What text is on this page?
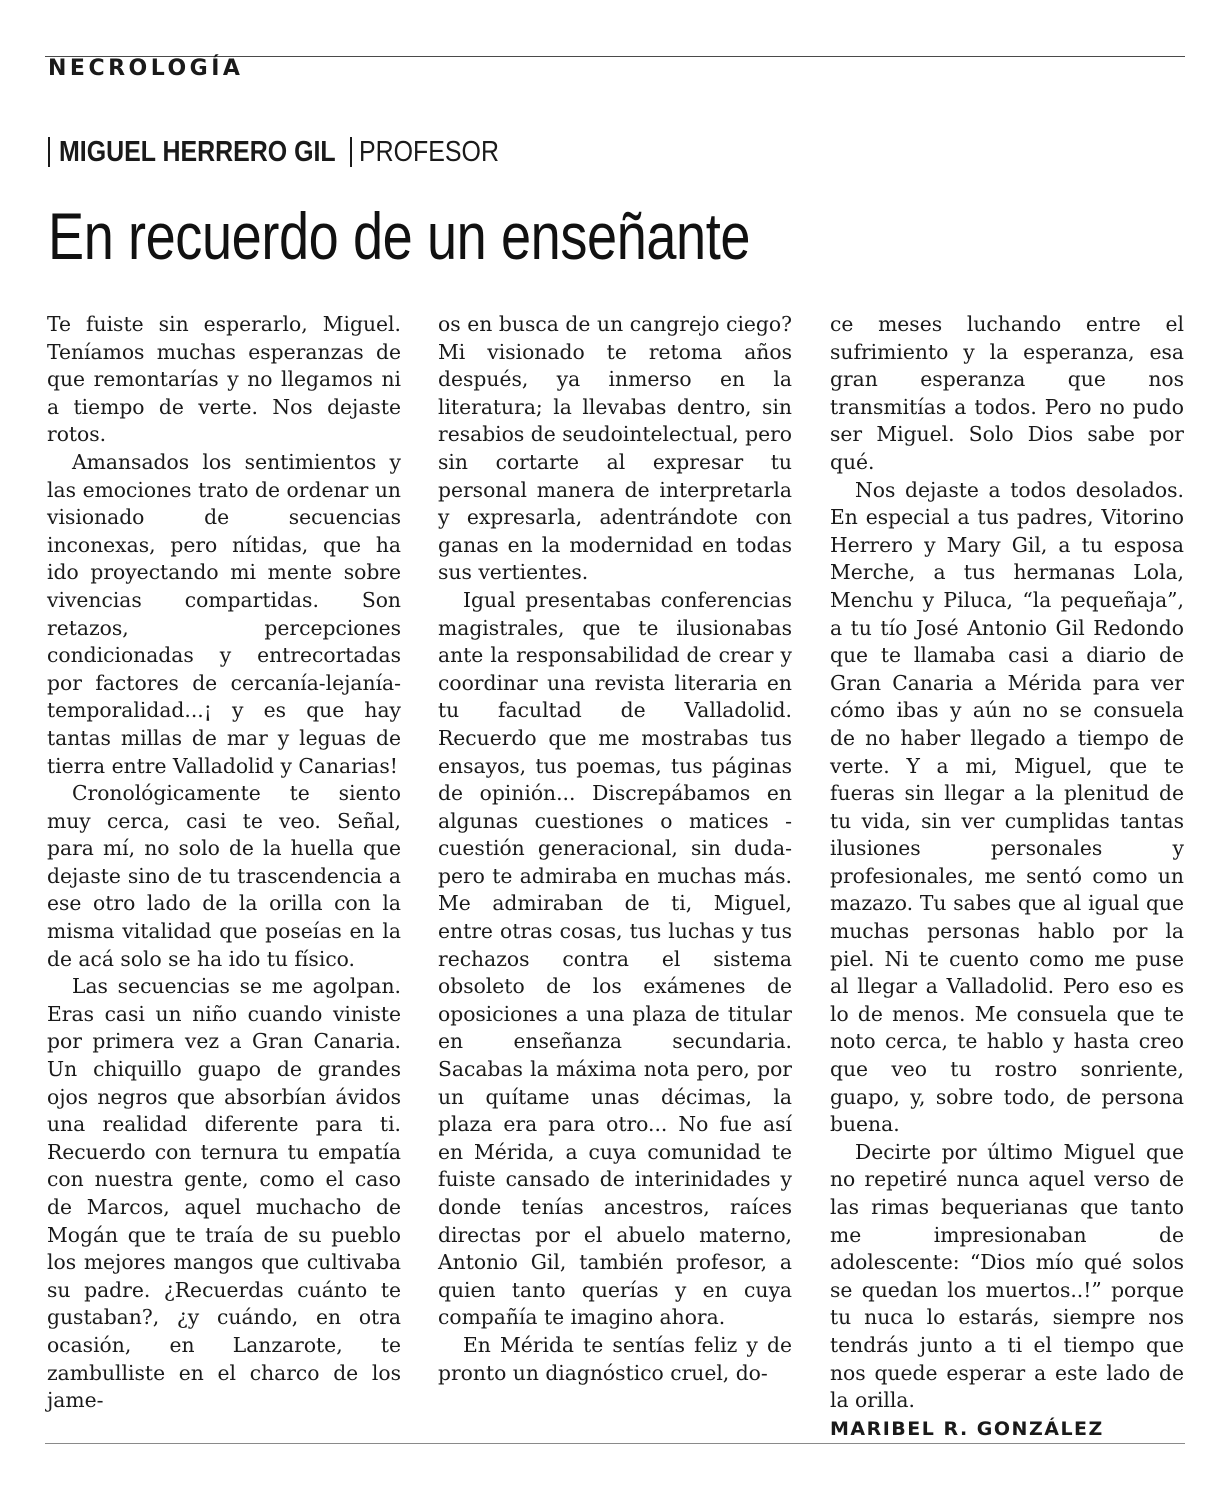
NECROLOGÍA
MIGUEL HERRERO GIL PROFESOR
En recuerdo de un enseñante

Te fuiste sin esperarlo, Miguel. Teníamos muchas esperanzas de que remontarías y no llegamos ni a tiempo de verte. Nos dejaste rotos.

Amansados los sentimientos y las emociones trato de ordenar un visionado de secuencias inconexas, pero nítidas, que ha ido proyectando mi mente sobre vivencias compartidas. Son retazos, percepciones condicionadas y entrecortadas por factores de cercanía-lejanía-temporalidad...¡ y es que hay tantas millas de mar y leguas de tierra entre Valladolid y Canarias!

Cronológicamente te siento muy cerca, casi te veo. Señal, para mí, no solo de la huella que dejaste sino de tu trascendencia a ese otro lado de la orilla con la misma vitalidad que poseías en la de acá solo se ha ido tu físico.

Las secuencias se me agolpan. Eras casi un niño cuando viniste por primera vez a Gran Canaria. Un chiquillo guapo de grandes ojos negros que absorbían ávidos una realidad diferente para ti. Recuerdo con ternura tu empatía con nuestra gente, como el caso de Marcos, aquel muchacho de Mogán que te traía de su pueblo los mejores mangos que cultivaba su padre. ¿Recuerdas cuánto te gustaban?, ¿y cuándo, en otra ocasión, en Lanzarote, te zambulliste en el charco de los jame-

os en busca de un cangrejo ciego? Mi visionado te retoma años después, ya inmerso en la literatura; la llevabas dentro, sin resabios de seudointelectual, pero sin cortarte al expresar tu personal manera de interpretarla y expresarla, adentrándote con ganas en la modernidad en todas sus vertientes.

Igual presentabas conferencias magistrales, que te ilusionabas ante la responsabilidad de crear y coordinar una revista literaria en tu facultad de Valladolid. Recuerdo que me mostrabas tus ensayos, tus poemas, tus páginas de opinión... Discrepábamos en algunas cuestiones o matices - cuestión generacional, sin duda- pero te admiraba en muchas más. Me admiraban de ti, Miguel, entre otras cosas, tus luchas y tus rechazos contra el sistema obsoleto de los exámenes de oposiciones a una plaza de titular en enseñanza secundaria. Sacabas la máxima nota pero, por un quítame unas décimas, la plaza era para otro... No fue así en Mérida, a cuya comunidad te fuiste cansado de interinidades y donde tenías ancestros, raíces directas por el abuelo materno, Antonio Gil, también profesor, a quien tanto querías y en cuya compañía te imagino ahora.

En Mérida te sentías feliz y de pronto un diagnóstico cruel, do-

ce meses luchando entre el sufrimiento y la esperanza, esa gran esperanza que nos transmitías a todos. Pero no pudo ser Miguel. Solo Dios sabe por qué.

Nos dejaste a todos desolados. En especial a tus padres, Vitorino Herrero y Mary Gil, a tu esposa Merche, a tus hermanas Lola, Menchu y Piluca, “la pequeñaja”, a tu tío José Antonio Gil Redondo que te llamaba casi a diario de Gran Canaria a Mérida para ver cómo ibas y aún no se consuela de no haber llegado a tiempo de verte. Y a mi, Miguel, que te fueras sin llegar a la plenitud de tu vida, sin ver cumplidas tantas ilusiones personales y profesionales, me sentó como un mazazo. Tu sabes que al igual que muchas personas hablo por la piel. Ni te cuento como me puse al llegar a Valladolid. Pero eso es lo de menos. Me consuela que te noto cerca, te hablo y hasta creo que veo tu rostro sonriente, guapo, y, sobre todo, de persona buena.

Decirte por último Miguel que no repetiré nunca aquel verso de las rimas bequerianas que tanto me impresionaban de adolescente: “Dios mío qué solos se quedan los muertos..!” porque tu nuca lo estarás, siempre nos tendrás junto a ti el tiempo que nos quede esperar a este lado de la orilla.

MARIBEL R. GONZÁLEZ
